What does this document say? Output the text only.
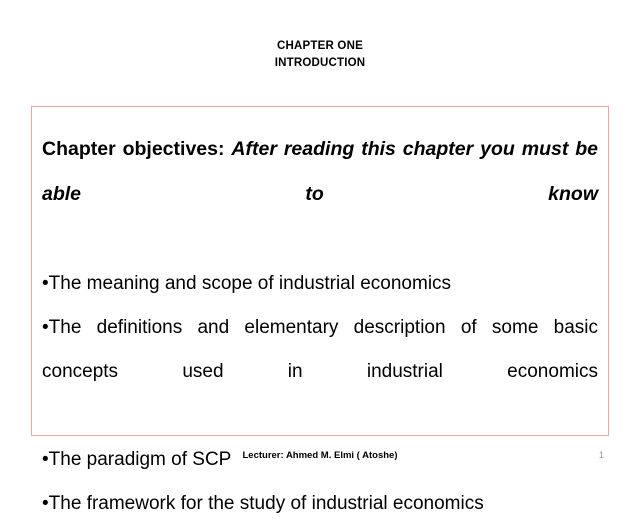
CHAPTER ONE
INTRODUCTION
Chapter objectives: After reading this chapter you must be able to know
•The meaning and scope of industrial economics
•The definitions and elementary description of some basic concepts used in industrial economics
•The paradigm of SCP
•The framework for the study of industrial economics
Lecturer: Ahmed M. Elmi ( Atoshe)	1
